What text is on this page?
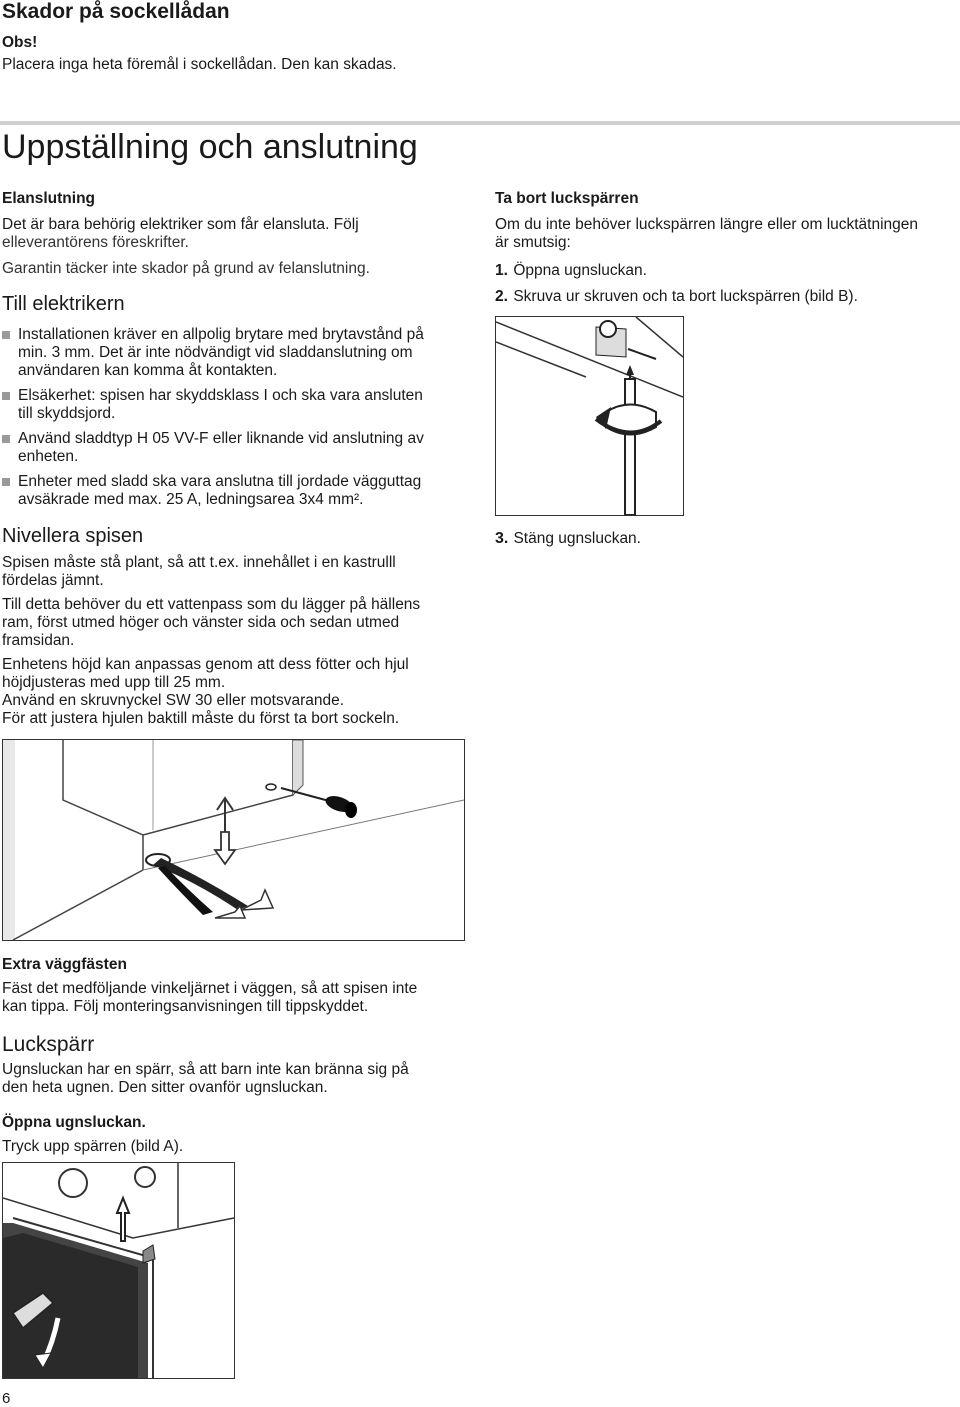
Skador på sockellådan
Obs!
Placera inga heta föremål i sockellådan. Den kan skadas.
Uppställning och anslutning
Elanslutning
Det är bara behörig elektriker som får elansluta. Följ
elleverantörens föreskrifter.
Garantin täcker inte skador på grund av felanslutning.
Till elektrikern
Installationen kräver en allpolig brytare med brytavstånd på
min. 3 mm. Det är inte nödvändigt vid sladdanslutning om
användaren kan komma åt kontakten.
Elsäkerhet: spisen har skyddsklass I och ska vara ansluten
till skyddsjord.
Använd sladdtyp H 05 VV-F eller liknande vid anslutning av
enheten.
Enheter med sladd ska vara anslutna till jordade vägguttag
avsäkrade med max. 25 A, ledningsarea 3x4 mm².
Nivellera spisen
Spisen måste stå plant, så att t.ex. innehållet i en kastrulll
fördelas jämnt.
Till detta behöver du ett vattenpass som du lägger på hällens
ram, först utmed höger och vänster sida och sedan utmed
framsidan.
Enhetens höjd kan anpassas genom att dess fötter och hjul
höjdjusteras med upp till 25 mm.
Använd en skruvnyckel SW 30 eller motsvarande.
För att justera hjulen baktill måste du först ta bort sockeln.
Extra väggfästen
Fäst det medföljande vinkeljärnet i väggen, så att spisen inte
kan tippa. Följ monteringsanvisningen till tippskyddet.
Luckspärr
Ugnsluckan har en spärr, så att barn inte kan bränna sig på
den heta ugnen. Den sitter ovanför ugnsluckan.
Öppna ugnsluckan.
Tryck upp spärren (bild A).
Ta bort luckspärren
Om du inte behöver luckspärren längre eller om lucktätningen
är smutsig:
1. Öppna ugnsluckan.
2. Skruva ur skruven och ta bort luckspärren (bild B).
3. Stäng ugnsluckan.
6
